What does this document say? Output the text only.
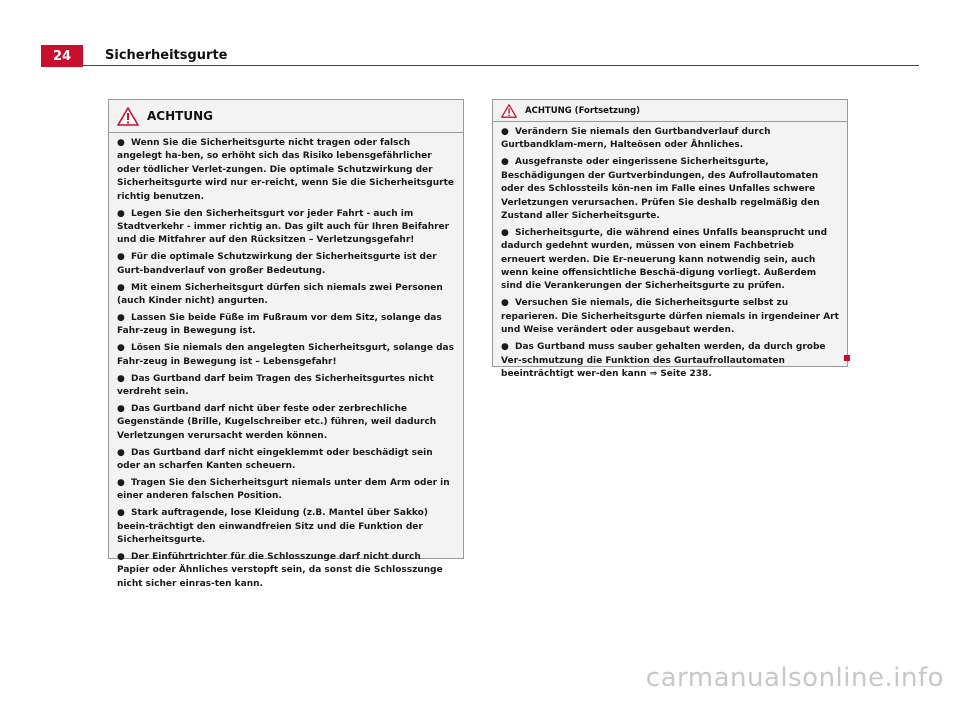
24	Sicherheitsgurte
ACHTUNG

● Wenn Sie die Sicherheitsgurte nicht tragen oder falsch angelegt ha-ben, so erhöht sich das Risiko lebensgefährlicher oder tödlicher Verlet-zungen. Die optimale Schutzwirkung der Sicherheitsgurte wird nur er-reicht, wenn Sie die Sicherheitsgurte richtig benutzen.

● Legen Sie den Sicherheitsgurt vor jeder Fahrt - auch im Stadtverkehr - immer richtig an. Das gilt auch für Ihren Beifahrer und die Mitfahrer auf den Rücksitzen – Verletzungsgefahr!

● Für die optimale Schutzwirkung der Sicherheitsgurte ist der Gurt-bandverlauf von großer Bedeutung.

● Mit einem Sicherheitsgurt dürfen sich niemals zwei Personen (auch Kinder nicht) angurten.

● Lassen Sie beide Füße im Fußraum vor dem Sitz, solange das Fahr-zeug in Bewegung ist.

● Lösen Sie niemals den angelegten Sicherheitsgurt, solange das Fahr-zeug in Bewegung ist – Lebensgefahr!

● Das Gurtband darf beim Tragen des Sicherheitsgurtes nicht verdreht sein.

● Das Gurtband darf nicht über feste oder zerbrechliche Gegenstände (Brille, Kugelschreiber etc.) führen, weil dadurch Verletzungen verursacht werden können.

● Das Gurtband darf nicht eingeklemmt oder beschädigt sein oder an scharfen Kanten scheuern.

● Tragen Sie den Sicherheitsgurt niemals unter dem Arm oder in einer anderen falschen Position.

● Stark auftragende, lose Kleidung (z.B. Mantel über Sakko) beein-trächtigt den einwandfreien Sitz und die Funktion der Sicherheitsgurte.

● Der Einführtrichter für die Schlosszunge darf nicht durch Papier oder Ähnliches verstopft sein, da sonst die Schlosszunge nicht sicher einras-ten kann.

ACHTUNG (Fortsetzung)

● Verändern Sie niemals den Gurtbandverlauf durch Gurtbandklam-mern, Halteösen oder Ähnliches.

● Ausgefranste oder eingerissene Sicherheitsgurte, Beschädigungen der Gurtverbindungen, des Aufrollautomaten oder des Schlossteils kön-nen im Falle eines Unfalles schwere Verletzungen verursachen. Prüfen Sie deshalb regelmäßig den Zustand aller Sicherheitsgurte.

● Sicherheitsgurte, die während eines Unfalls beansprucht und dadurch gedehnt wurden, müssen von einem Fachbetrieb erneuert werden. Die Er-neuerung kann notwendig sein, auch wenn keine offensichtliche Beschä-digung vorliegt. Außerdem sind die Verankerungen der Sicherheitsgurte zu prüfen.

● Versuchen Sie niemals, die Sicherheitsgurte selbst zu reparieren. Die Sicherheitsgurte dürfen niemals in irgendeiner Art und Weise verändert oder ausgebaut werden.

● Das Gurtband muss sauber gehalten werden, da durch grobe Ver-schmutzung die Funktion des Gurtaufrollautomaten beeinträchtigt wer-den kann ⇒ Seite 238.

carmanualsonline.info
